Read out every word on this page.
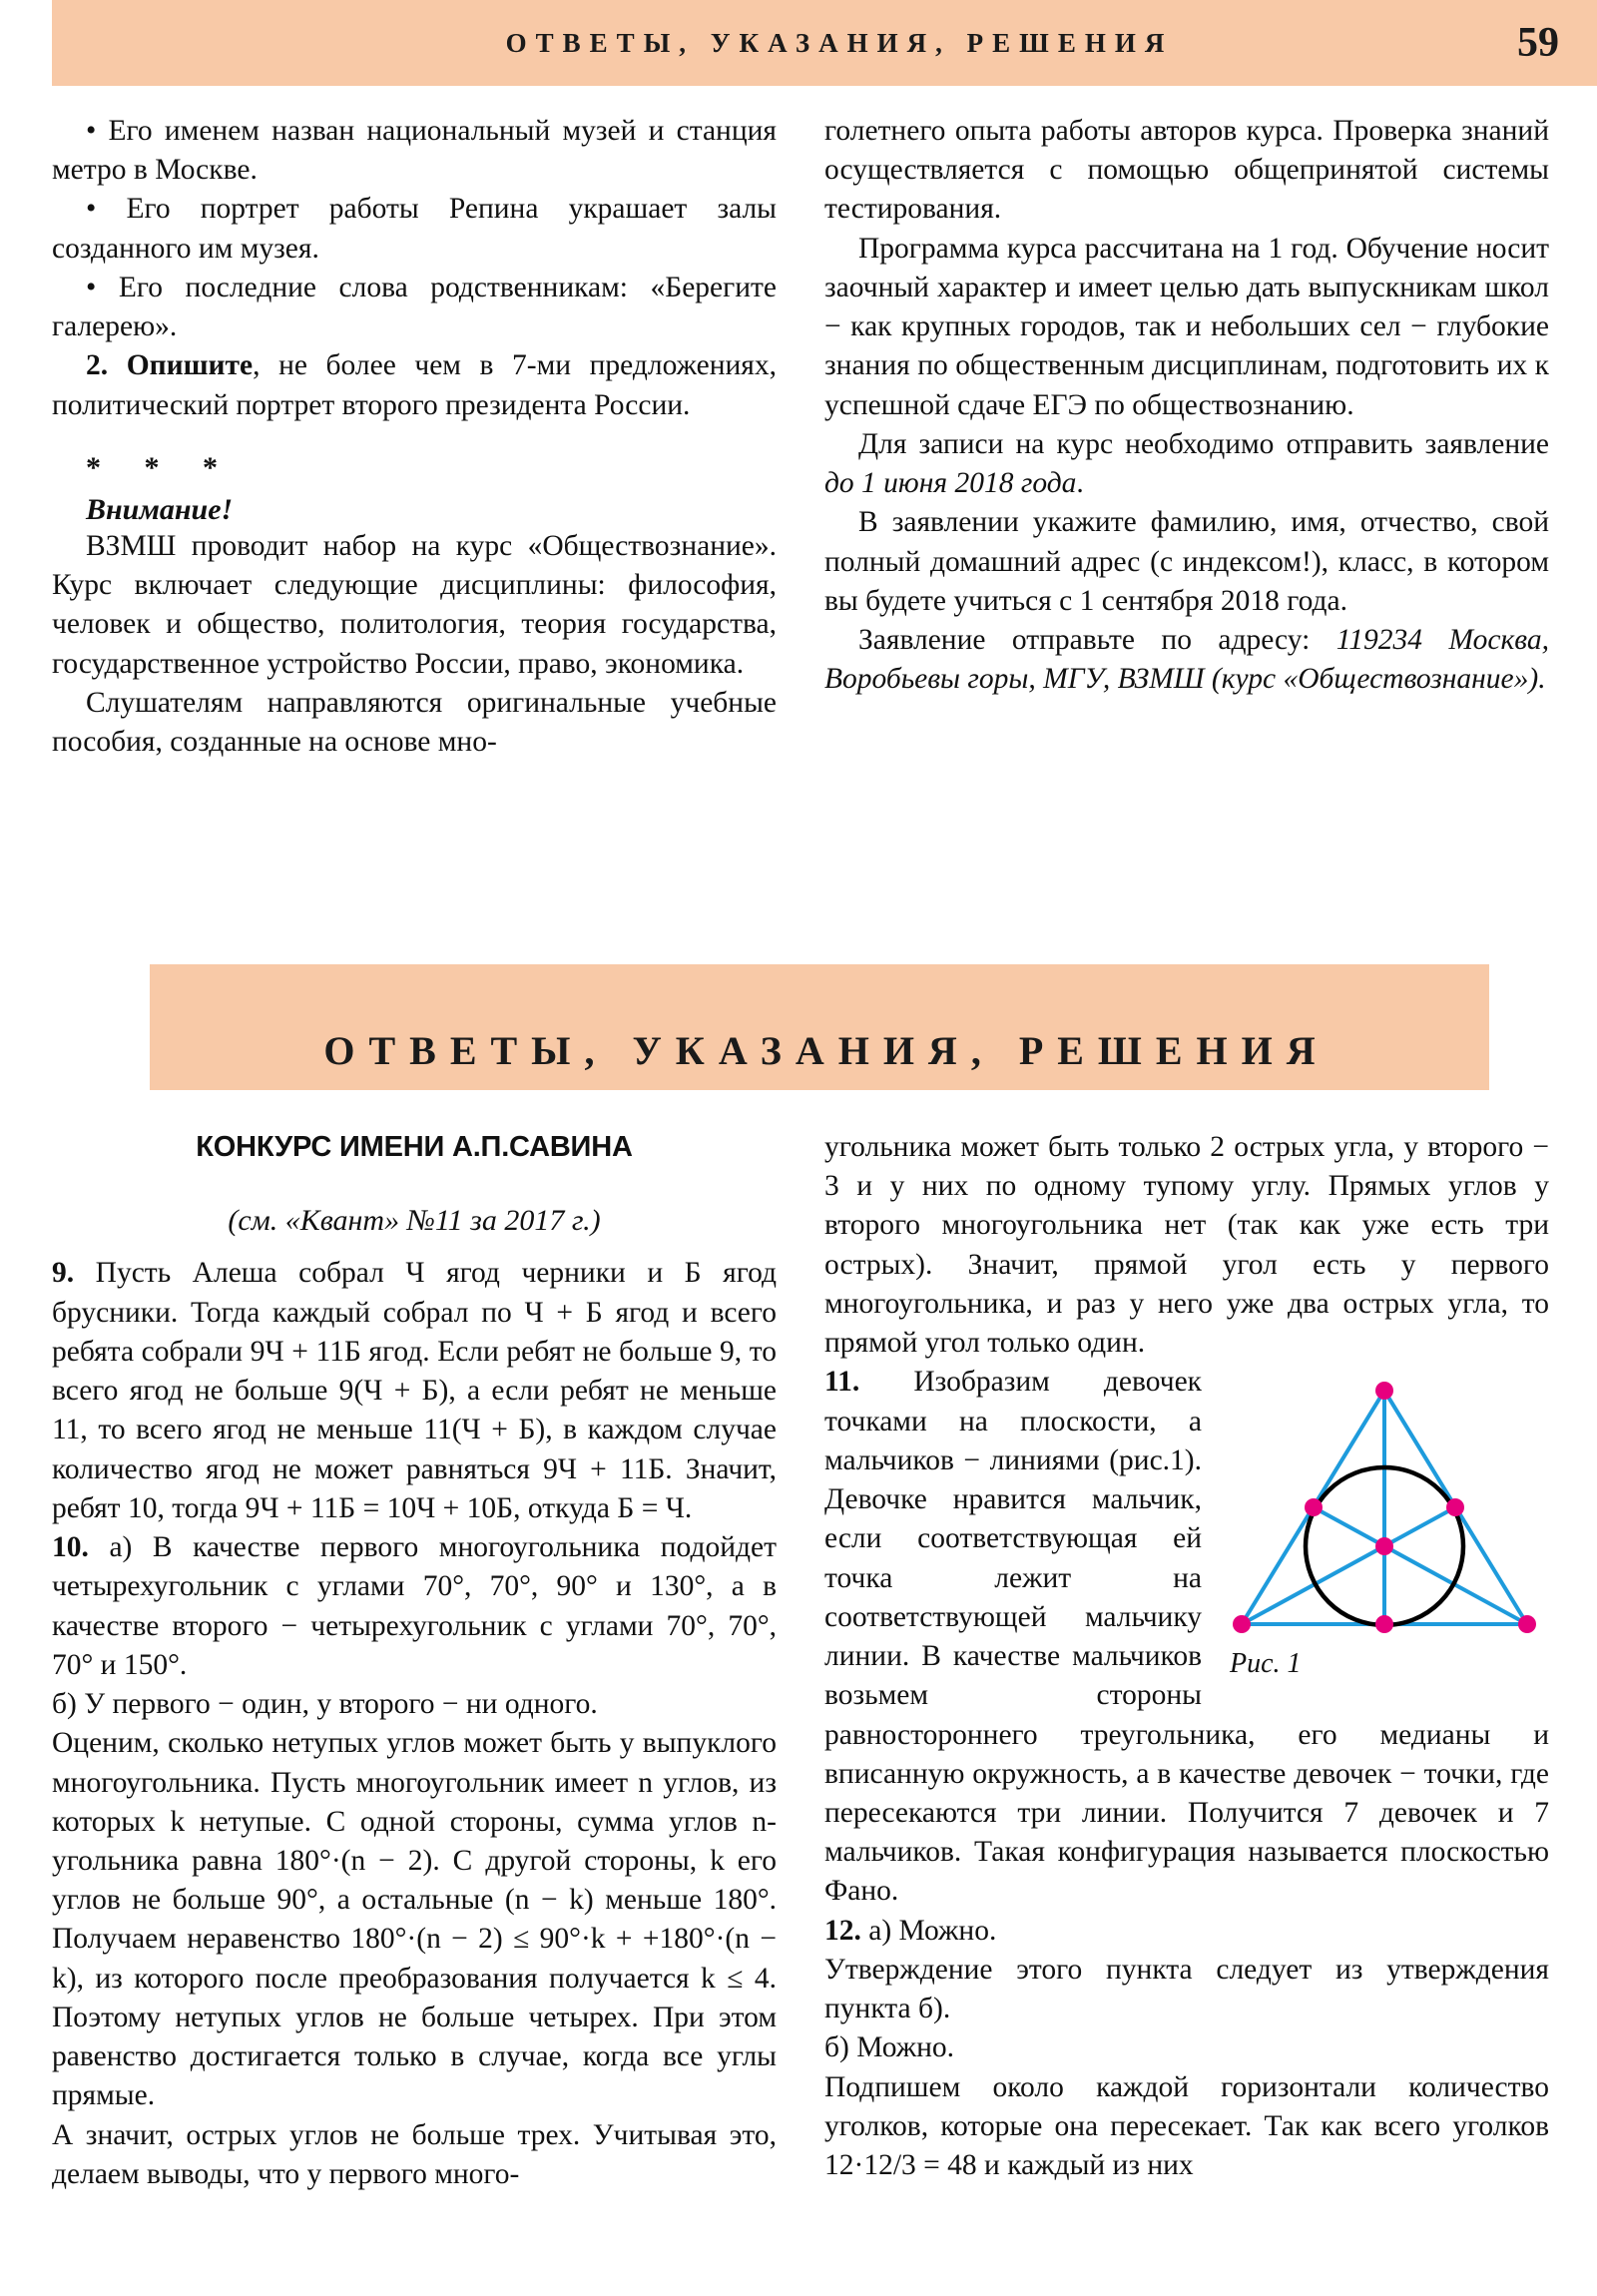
ОТВЕТЫ, УКАЗАНИЯ, РЕШЕНИЯ	59

• Его именем назван национальный музей и станция метро в Москве.

• Его портрет работы Репина украшает залы созданного им музея.

• Его последние слова родственникам: «Берегите галерею».

2. Опишите, не более чем в 7-ми предложениях, политический портрет второго президента России.

* * *
Внимание!

ВЗМШ проводит набор на курс «Обществознание». Курс включает следующие дисциплины: философия, человек и общество, политология, теория государства, государственное устройство России, право, экономика.

Слушателям направляются оригинальные учебные пособия, созданные на основе мно-

голетнего опыта работы авторов курса. Проверка знаний осуществляется с помощью общепринятой системы тестирования.

Программа курса рассчитана на 1 год. Обучение носит заочный характер и имеет целью дать выпускникам школ − как крупных городов, так и небольших сел − глубокие знания по общественным дисциплинам, подготовить их к успешной сдаче ЕГЭ по обществознанию.

Для записи на курс необходимо отправить заявление до 1 июня 2018 года.

В заявлении укажите фамилию, имя, отчество, свой полный домашний адрес (с индексом!), класс, в котором вы будете учиться с 1 сентября 2018 года.

Заявление отправьте по адресу: 119234 Москва, Воробьевы горы, МГУ, ВЗМШ (курс «Обществознание»).

ОТВЕТЫ, УКАЗАНИЯ, РЕШЕНИЯ

КОНКУРС ИМЕНИ А.П.САВИНА

(см. «Квант» №11 за 2017 г.)

9. Пусть Алеша собрал Ч ягод черники и Б ягод брусники. Тогда каждый собрал по Ч + Б ягод и всего ребята собрали 9Ч + 11Б ягод. Если ребят не больше 9, то всего ягод не больше 9(Ч + Б), а если ребят не меньше 11, то всего ягод не меньше 11(Ч + Б), в каждом случае количество ягод не может равняться 9Ч + 11Б. Значит, ребят 10, тогда 9Ч + 11Б = 10Ч + 10Б, откуда Б = Ч.

10. а) В качестве первого многоугольника подойдет четырехугольник с углами 70°, 70°, 90° и 130°, а в качестве второго − четырехугольник с углами 70°, 70°, 70° и 150°.

б) У первого − один, у второго − ни одного.

Оценим, сколько нетупых углов может быть у выпуклого многоугольника. Пусть многоугольник имеет n углов, из которых k нетупые. С одной стороны, сумма углов n-угольника равна 180°·(n − 2). С другой стороны, k его углов не больше 90°, а остальные (n − k) меньше 180°. Получаем неравенство 180°·(n − 2) ≤ 90°·k + +180°·(n − k), из которого после преобразования получается k ≤ 4. Поэтому нетупых углов не больше четырех. При этом равенство достигается только в случае, когда все углы прямые.

А значит, острых углов не больше трех. Учитывая это, делаем выводы, что у первого много-

угольника может быть только 2 острых угла, у второго − 3 и у них по одному тупому углу. Прямых углов у второго многоугольника нет (так как уже есть три острых). Значит, прямой угол есть у первого многоугольника, и раз у него уже два острых угла, то прямой угол только один.

Рис. 1

11. Изобразим девочек точками на плоскости, а мальчиков − линиями (рис.1). Девочке нравится мальчик, если соответствующая ей точка лежит на соответствующей мальчику линии. В качестве мальчиков возьмем стороны равностороннего треугольника, его медианы и вписанную окружность, а в качестве девочек − точки, где пересекаются три линии. Получится 7 девочек и 7 мальчиков. Такая конфигурация называется плоскостью Фано.

12. а) Можно.

Утверждение этого пункта следует из утверждения пункта б).

б) Можно.

Подпишем около каждой горизонтали количество уголков, которые она пересекает. Так как всего уголков 12·12/3 = 48 и каждый из них
